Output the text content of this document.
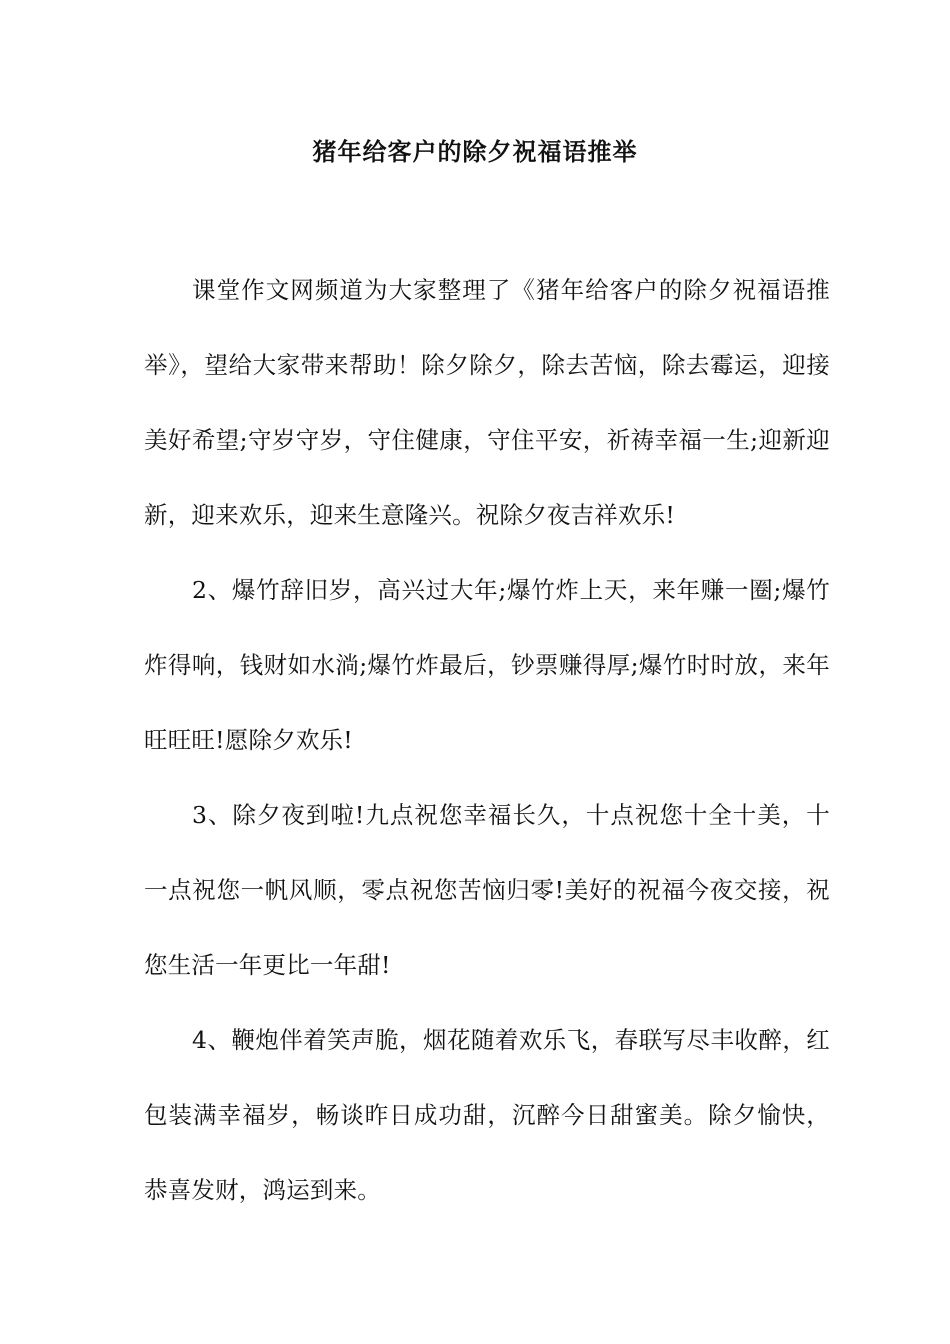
猪年给客户的除夕祝福语推举

课堂作文网频道为大家整理了《猪年给客户的除夕祝福语推举》，望给大家带来帮助！除夕除夕，除去苦恼，除去霉运，迎接美好希望;守岁守岁，守住健康，守住平安，祈祷幸福一生;迎新迎新，迎来欢乐，迎来生意隆兴。祝除夕夜吉祥欢乐!

2、爆竹辞旧岁，高兴过大年;爆竹炸上天，来年赚一圈;爆竹炸得响，钱财如水淌;爆竹炸最后，钞票赚得厚;爆竹时时放，来年旺旺旺!愿除夕欢乐!

3、除夕夜到啦!九点祝您幸福长久，十点祝您十全十美，十一点祝您一帆风顺，零点祝您苦恼归零!美好的祝福今夜交接，祝您生活一年更比一年甜!

4、鞭炮伴着笑声脆，烟花随着欢乐飞，春联写尽丰收醉，红包装满幸福岁，畅谈昨日成功甜，沉醉今日甜蜜美。除夕愉快，恭喜发财，鸿运到来。
